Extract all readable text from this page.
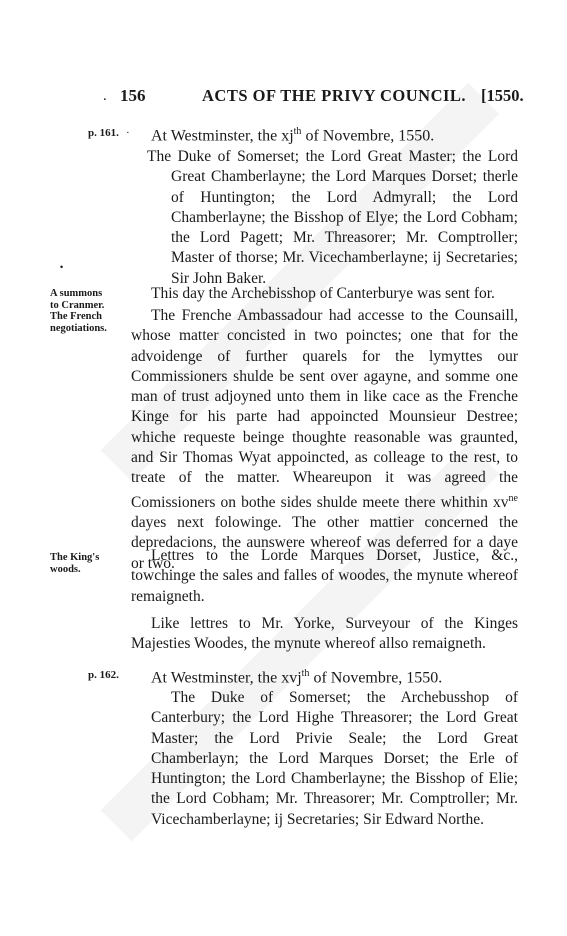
. 156	ACTS OF THE PRIVY COUNCIL. [1550.
p. 161. · At Westminster, the $xj^{th}$ of Novembre, 1550.
The Duke of Somerset; the Lord Great Master; the Lord Great Chamberlayne; the Lord Marques Dorset; therle of Huntington; the Lord Admyrall; the Lord Chamberlayne; the Bisshop of Elye; the Lord Cobham; the Lord Pagett; Mr. Threasorer; Mr. Comptroller; Master of thorse; Mr. Vicechamberlayne; ij Secretaries; Sir John Baker.
•
A summons
to Cranmer.
This day the Archebisshop of Canterburye was sent for.
The French
negotiations.
The Frenche Ambassadour had accesse to the Counsaill, whose matter concisted in two poinctes; one that for the advoidenge of further quarels for the lymyttes our Commissioners shulde be sent over agayne, and somme one man of trust adjoyned unto them in like cace as the Frenche Kinge for his parte had appoincted Mounsieur Destree; whiche requeste beinge thoughte reasonable was graunted, and Sir Thomas Wyat appoincted, as colleage to the rest, to treate of the matter. Wheareupon it was agreed the Comissioners on bothe sides shulde meete there whithin $xv^{ne}$ dayes next folowinge. The other mattier concerned the depredacions, the aunswere whereof was deferred for a daye or two.
The King's
woods.
Lettres to the Lorde Marques Dorset, Justice, &c., towchinge the sales and falles of woodes, the mynute whereof remaigneth.
Like lettres to Mr. Yorke, Surveyour of the Kinges Majesties Woodes, the mynute whereof allso remaigneth.
p. 162. At Westminster, the xvj$^{th}$ of Novembre, 1550.
The Duke of Somerset; the Archebusshop of Canterbury; the Lord Highe Threasorer; the Lord Great Master; the Lord Privie Seale; the Lord Great Chamberlayn; the Lord Marques Dorset; the Erle of Huntington; the Lord Chamberlayne; the Bisshop of Elie; the Lord Cobham; Mr. Threasorer; Mr. Comptroller; Mr. Vicechamberlayne; ij Secretaries; Sir Edward Northe.
